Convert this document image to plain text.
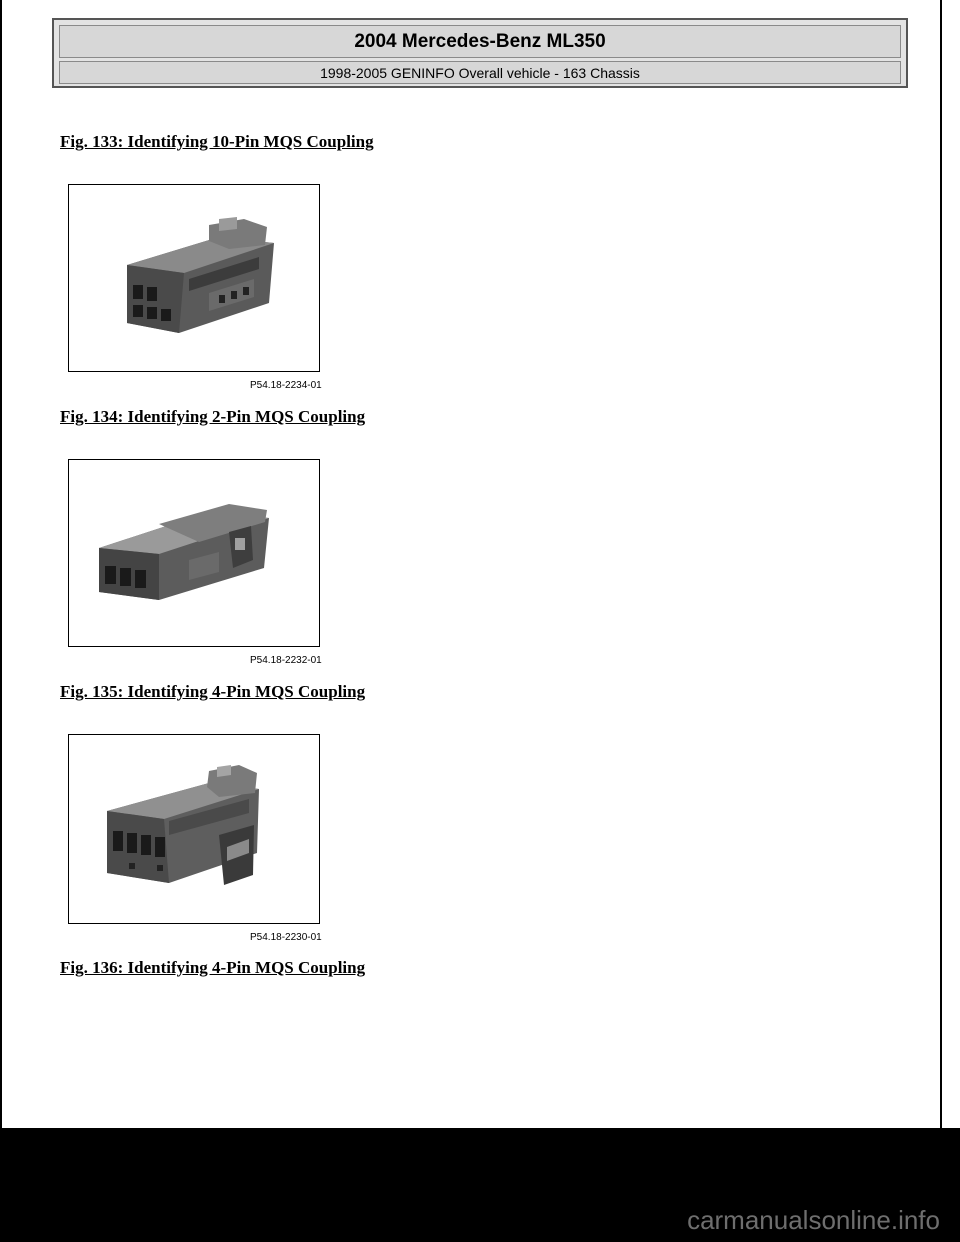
2004 Mercedes-Benz ML350
1998-2005 GENINFO Overall vehicle - 163 Chassis
Fig. 133: Identifying 10-Pin MQS Coupling
P54.18-2234-01
Fig. 134: Identifying 2-Pin MQS Coupling
P54.18-2232-01
Fig. 135: Identifying 4-Pin MQS Coupling
P54.18-2230-01
Fig. 136: Identifying 4-Pin MQS Coupling
carmanualsonline.info
